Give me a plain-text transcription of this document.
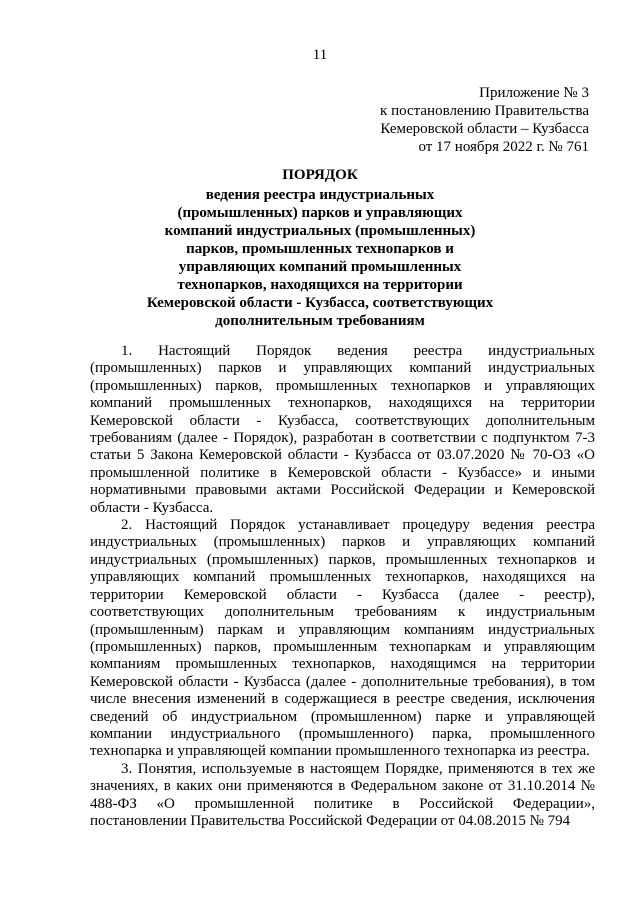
11
Приложение № 3
к постановлению Правительства
Кемеровской области – Кузбасса
от 17 ноября 2022 г. № 761
ПОРЯДОК
ведения реестра индустриальных
(промышленных) парков и управляющих
компаний индустриальных (промышленных)
парков, промышленных технопарков и
управляющих компаний промышленных
технопарков, находящихся на территории
Кемеровской области - Кузбасса, соответствующих
дополнительным требованиям

1. Настоящий Порядок ведения реестра индустриальных (промышленных) парков и управляющих компаний индустриальных (промышленных) парков, промышленных технопарков и управляющих компаний промышленных технопарков, находящихся на территории Кемеровской области - Кузбасса, соответствующих дополнительным требованиям (далее - Порядок), разработан в соответствии с подпунктом 7-3 статьи 5 Закона Кемеровской области - Кузбасса от 03.07.2020 № 70-ОЗ «О промышленной политике в Кемеровской области - Кузбассе» и иными нормативными правовыми актами Российской Федерации и Кемеровской области - Кузбасса.

2. Настоящий Порядок устанавливает процедуру ведения реестра индустриальных (промышленных) парков и управляющих компаний индустриальных (промышленных) парков, промышленных технопарков и управляющих компаний промышленных технопарков, находящихся на территории Кемеровской области - Кузбасса (далее - реестр), соответствующих дополнительным требованиям к индустриальным (промышленным) паркам и управляющим компаниям индустриальных (промышленных) парков, промышленным технопаркам и управляющим компаниям промышленных технопарков, находящимся на территории Кемеровской области - Кузбасса (далее - дополнительные требования), в том числе внесения изменений в содержащиеся в реестре сведения, исключения сведений об индустриальном (промышленном) парке и управляющей компании индустриального (промышленного) парка, промышленного технопарка и управляющей компании промышленного технопарка из реестра.

3. Понятия, используемые в настоящем Порядке, применяются в тех же значениях, в каких они применяются в Федеральном законе от 31.10.2014 № 488-ФЗ «О промышленной политике в Российской Федерации», постановлении Правительства Российской Федерации от 04.08.2015 № 794
